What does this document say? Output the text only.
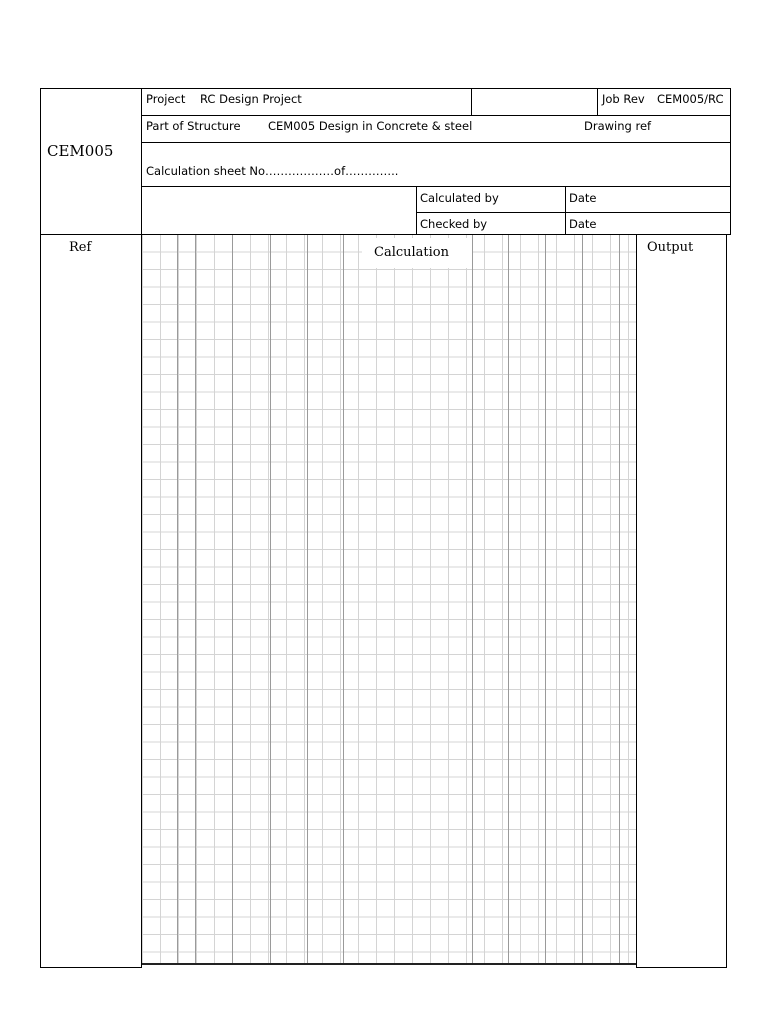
CEM005
Project RC Design Project	Job Rev CEM005/RC
Part of Structure CEM005 Design in Concrete & steel	Drawing ref
Calculation sheet No………………of…………..
Calculated by	Date
Checked by	Date
Ref	Calculation	Output
